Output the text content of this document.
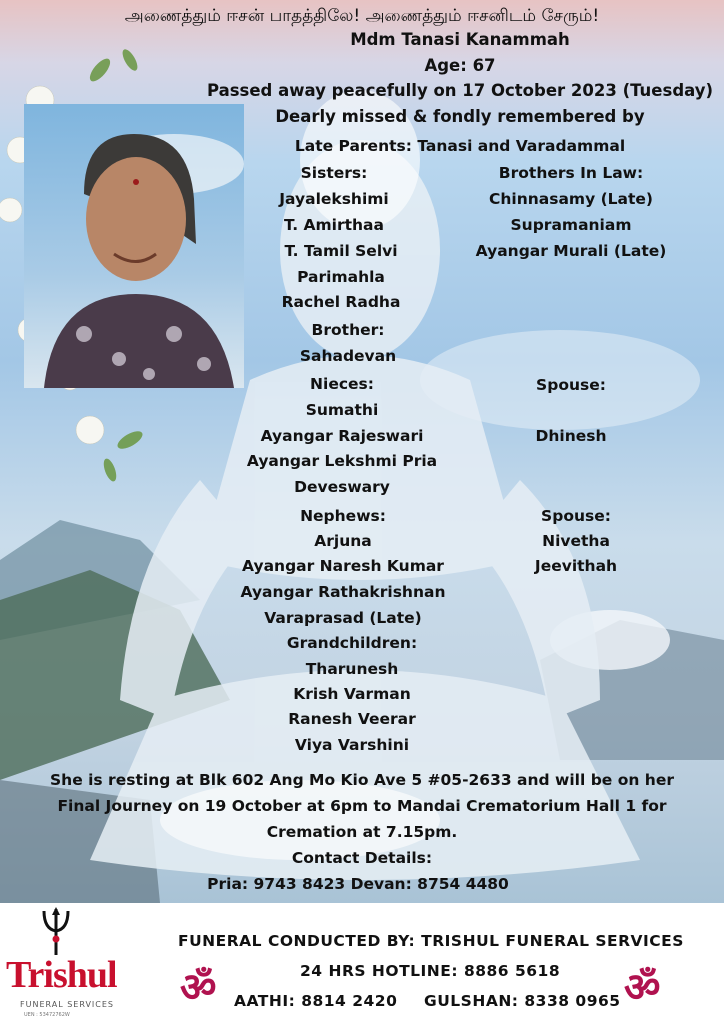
அணைத்தும் ஈசன் பாதத்திலே! அணைத்தும் ஈசனிடம் சேரும்!
Mdm Tanasi Kanammah
Age: 67
Passed away peacefully on 17 October 2023 (Tuesday)
Dearly missed & fondly remembered by
Late Parents: Tanasi and Varadammal
Sisters:
Jayalekshimi
T. Amirthaa
T. Tamil Selvi
Parimahla
Rachel Radha
Brothers In Law:
Chinnasamy (Late)
Supramaniam
Ayangar Murali (Late)
Brother:
Sahadevan
Nieces:
Sumathi
Ayangar Rajeswari
Ayangar Lekshmi Pria
Deveswary
Spouse:
Dhinesh
Nephews:
Arjuna
Ayangar Naresh Kumar
Ayangar Rathakrishnan
Varaprasad (Late)
Spouse:
Nivetha
Jeevithah
Grandchildren:
Tharunesh
Krish Varman
Ranesh Veerar
Viya Varshini
She is resting at Blk 602 Ang Mo Kio Ave 5 #05-2633 and will be on her
Final Journey on 19 October at 6pm to Mandai Crematorium Hall 1 for
Cremation at 7.15pm.
Contact Details:
Pria: 9743 8423 Devan: 8754 4480
Trishul
FUNERAL SERVICES
UEN : 53472762W
FUNERAL CONDUCTED BY: TRISHUL FUNERAL SERVICES
24 HRS HOTLINE: 8886 5618
AATHI: 8814 2420 GULSHAN: 8338 0965
ॐ	ॐ
